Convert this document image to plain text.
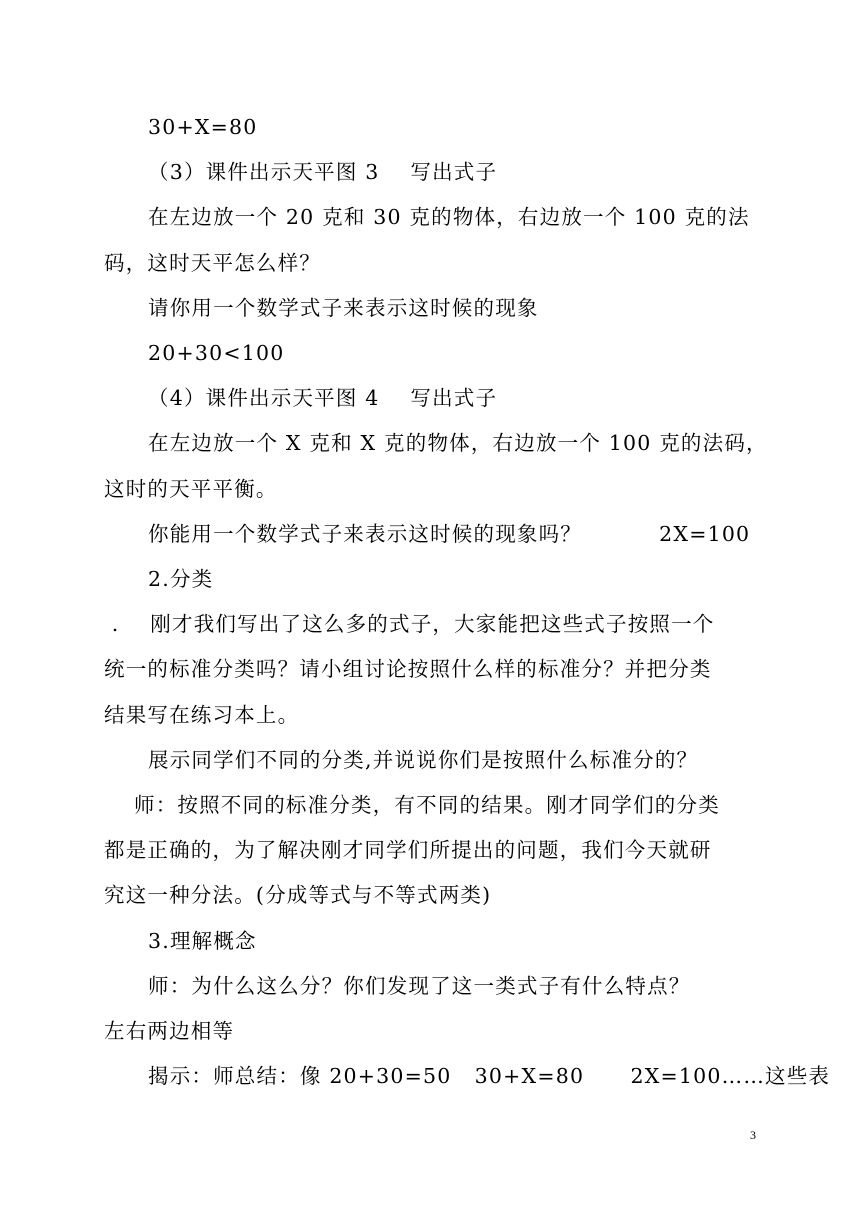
30+X=80
（3）课件出示天平图 3    写出式子
在左边放一个 20 克和 30 克的物体，右边放一个 100 克的法
码，这时天平怎么样？
请你用一个数学式子来表示这时候的现象
20+30<100
（4）课件出示天平图 4    写出式子
在左边放一个 X 克和 X 克的物体，右边放一个 100 克的法码，
这时的天平平衡。
你能用一个数学式子来表示这时候的现象吗？          2X=100
2.分类
.    刚才我们写出了这么多的式子，大家能把这些式子按照一个
统一的标准分类吗？请小组讨论按照什么样的标准分？并把分类
结果写在练习本上。
展示同学们不同的分类,并说说你们是按照什么标准分的？
师：按照不同的标准分类，有不同的结果。刚才同学们的分类
都是正确的，为了解决刚才同学们所提出的问题，我们今天就研
究这一种分法。(分成等式与不等式两类)
3.理解概念
师：为什么这么分？你们发现了这一类式子有什么特点？
左右两边相等
揭示：师总结：像 20+30=50   30+X=80      2X=100……这些表
3
